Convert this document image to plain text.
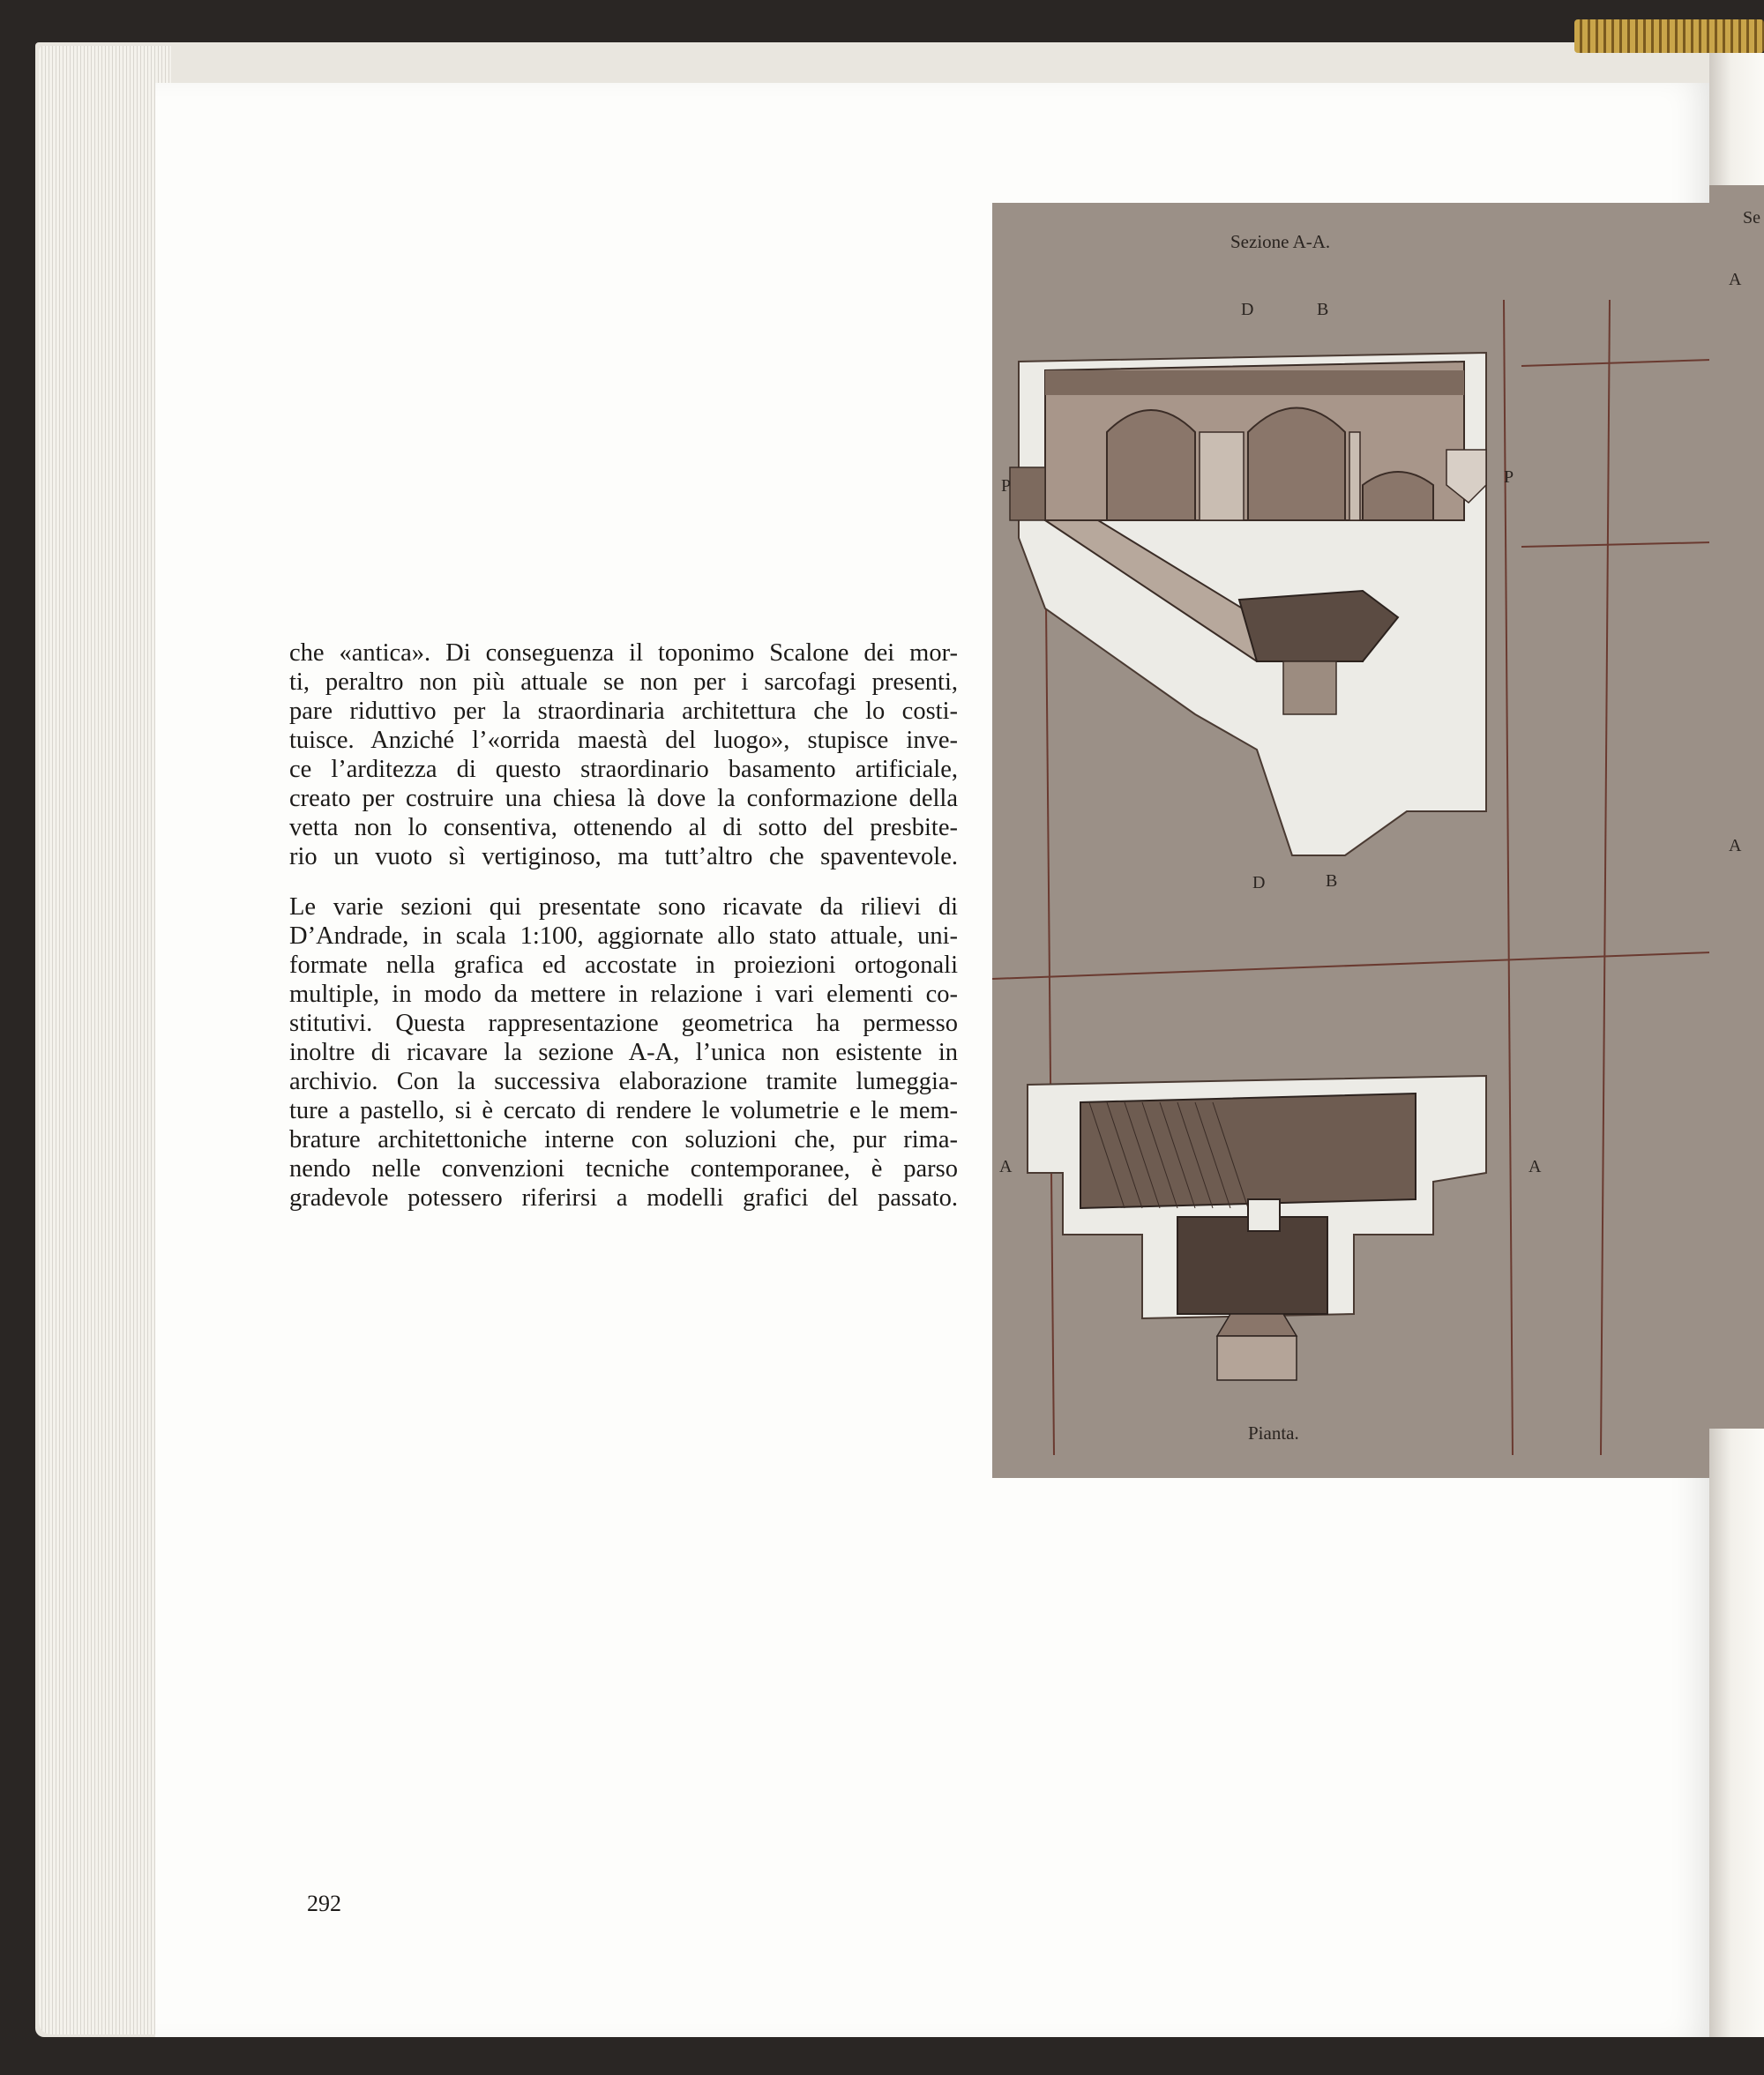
che «antica». Di conseguenza il toponimo Scalone dei mor-
ti, peraltro non più attuale se non per i sarcofagi presenti,
pare riduttivo per la straordinaria architettura che lo costi-
tuisce. Anziché l’«orrida maestà del luogo», stupisce inve-
ce l’arditezza di questo straordinario basamento artificiale,
creato per costruire una chiesa là dove la conformazione della
vetta non lo consentiva, ottenendo al di sotto del presbite-
rio un vuoto sì vertiginoso, ma tutt’altro che spaventevole.
Le varie sezioni qui presentate sono ricavate da rilievi di
D’Andrade, in scala 1:100, aggiornate allo stato attuale, uni-
formate nella grafica ed accostate in proiezioni ortogonali
multiple, in modo da mettere in relazione i vari elementi co-
stitutivi. Questa rappresentazione geometrica ha permesso
inoltre di ricavare la sezione A-A, l’unica non esistente in
archivio. Con la successiva elaborazione tramite lumeggia-
ture a pastello, si è cercato di rendere le volumetrie e le mem-
brature architettoniche interne con soluzioni che, pur rima-
nendo nelle convenzioni tecniche contemporanee, è parso
gradevole potessero riferirsi a modelli grafici del passato.
292
Sezione A-A.
Pianta.
D	B
P	P
D	B
A	A
Se
A
A
